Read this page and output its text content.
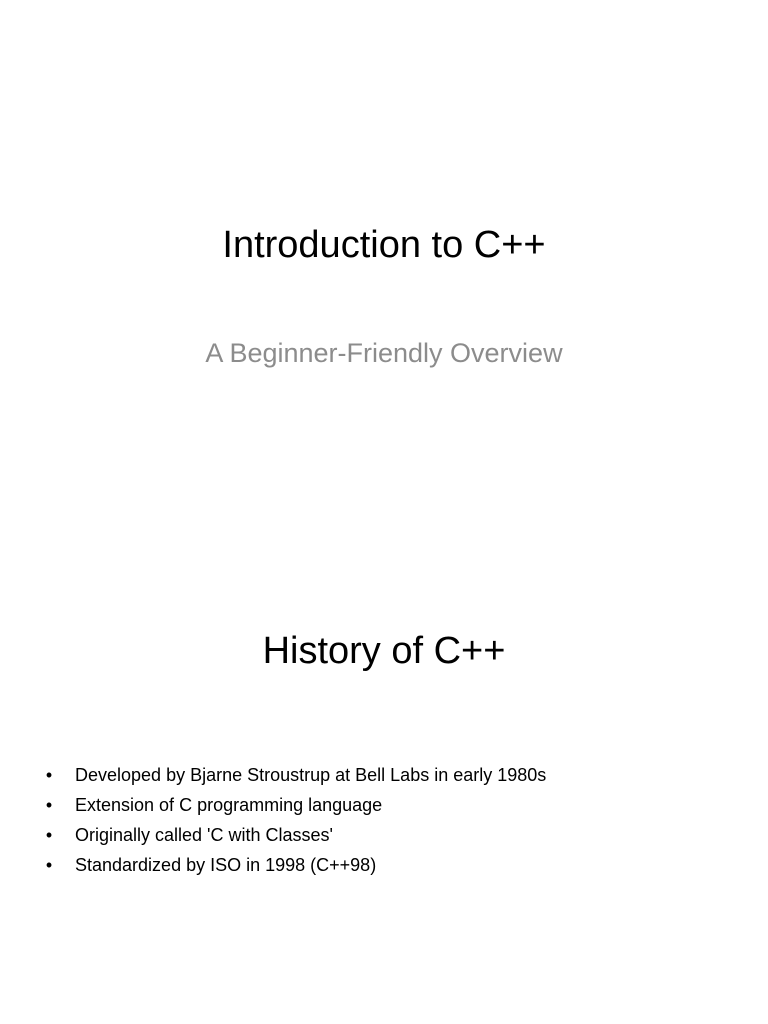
Introduction to C++
A Beginner-Friendly Overview
History of C++
• Developed by Bjarne Stroustrup at Bell Labs in early 1980s
• Extension of C programming language
• Originally called 'C with Classes'
• Standardized by ISO in 1998 (C++98)
